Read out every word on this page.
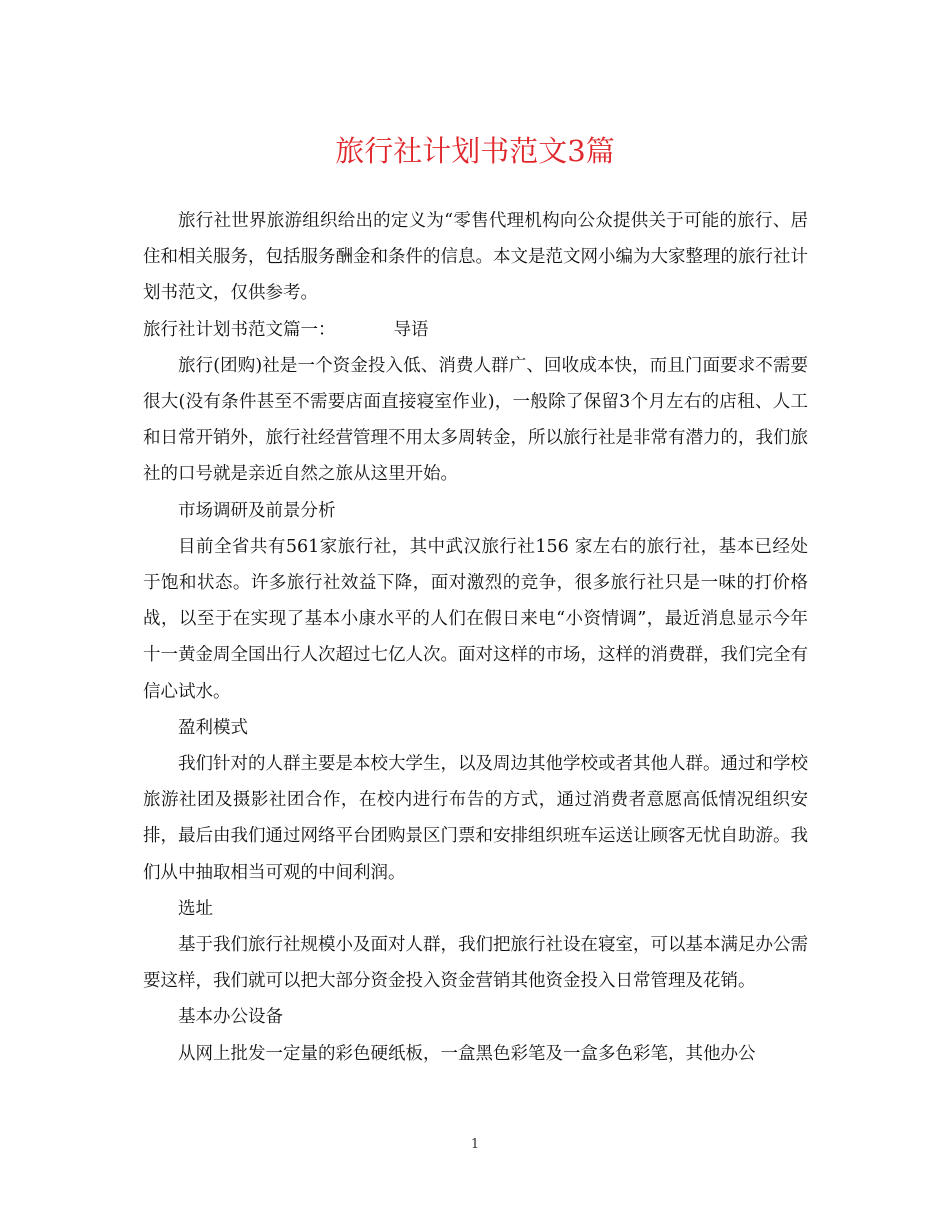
旅行社计划书范文3篇

旅行社世界旅游组织给出的定义为“零售代理机构向公众提供关于可能的旅行、居住和相关服务，包括服务酬金和条件的信息。本文是范文网小编为大家整理的旅行社计划书范文，仅供参考。

旅行社计划书范文篇一：	导语

旅行(团购)社是一个资金投入低、消费人群广、回收成本快，而且门面要求不需要很大(没有条件甚至不需要店面直接寝室作业)，一般除了保留3个月左右的店租、人工和日常开销外，旅行社经营管理不用太多周转金，所以旅行社是非常有潜力的，我们旅社的口号就是亲近自然之旅从这里开始。

市场调研及前景分析

目前全省共有561家旅行社，其中武汉旅行社156 家左右的旅行社，基本已经处于饱和状态。许多旅行社效益下降，面对激烈的竞争，很多旅行社只是一味的打价格战，以至于在实现了基本小康水平的人们在假日来电“小资情调”，最近消息显示今年十一黄金周全国出行人次超过七亿人次。面对这样的市场，这样的消费群，我们完全有信心试水。

盈利模式

我们针对的人群主要是本校大学生，以及周边其他学校或者其他人群。通过和学校旅游社团及摄影社团合作，在校内进行布告的方式，通过消费者意愿高低情况组织安排，最后由我们通过网络平台团购景区门票和安排组织班车运送让顾客无忧自助游。我们从中抽取相当可观的中间利润。

选址

基于我们旅行社规模小及面对人群，我们把旅行社设在寝室，可以基本满足办公需要这样，我们就可以把大部分资金投入资金营销其他资金投入日常管理及花销。

基本办公设备

从网上批发一定量的彩色硬纸板，一盒黑色彩笔及一盒多色彩笔，其他办公

1
